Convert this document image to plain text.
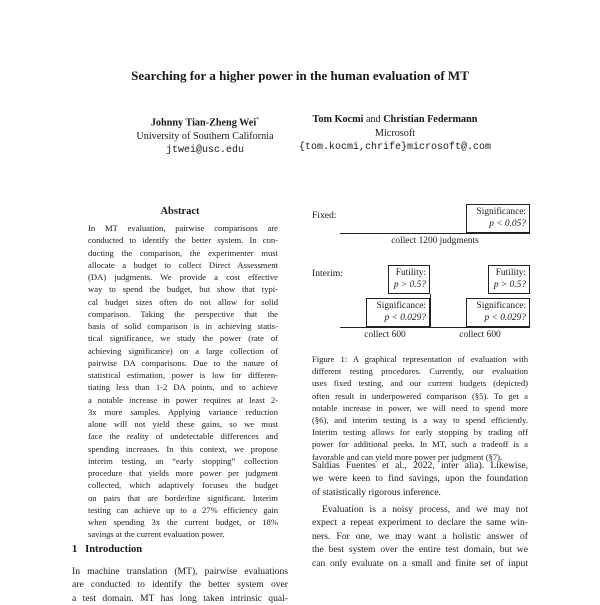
Searching for a higher power in the human evaluation of MT
Johnny Tian-Zheng Wei*
University of Southern California
jtwei@usc.edu
Tom Kocmi and Christian Federmann
Microsoft
{tom.kocmi,chrife}microsoft@.com
Abstract
In MT evaluation, pairwise comparisons are
conducted to identify the better system. In con-
ducting the comparison, the experimenter must
allocate a budget to collect Direct Assessment
(DA) judgments. We provide a cost effective
way to spend the budget, but show that typi-
cal budget sizes often do not allow for solid
comparison. Taking the perspective that the
basis of solid comparison is in achieving statis-
tical significance, we study the power (rate of
achieving significance) on a large collection of
pairwise DA comparisons. Due to the nature of
statistical estimation, power is low for differen-
tiating less than 1-2 DA points, and to achieve
a notable increase in power requires at least 2-
3x more samples. Applying variance reduction
alone will not yield these gains, so we must
face the reality of undetectable differences and
spending increases. In this context, we propose
interim testing, an “early stopping” collection
procedure that yields more power per judgment
collected, which adaptively focuses the budget
on pairs that are borderline significant. Interim
testing can achieve up to a 27% efficiency gain
when spending 3x the current budget, or 18%
savings at the current evaluation power.
1 Introduction
In machine translation (MT), pairwise evaluations
are conducted to identify the better system over
a test domain. MT has long taken intrinsic qual-
Fixed:	Significance:
p < 0.05?
collect 1200 judgments
Interim:	Futility:
p > 0.5?
Futility:
p > 0.5?
Significance:
p < 0.029?
Significance:
p < 0.029?
collect 600	collect 600
Figure 1: A graphical representation of evaluation with
different testing procedures. Currently, our evaluation
uses fixed testing, and our current budgets (depicted)
often result in underpowered comparison (§5). To get a
notable increase in power, we will need to spend more
(§6), and interim testing is a way to spend efficiently.
Interim testing allows for early stopping by trading off
power for additional peeks. In MT, such a tradeoff is a
favorable and can yield more power per judgment (§7).
Saldías Fuentes et al., 2022, inter alia). Likewise,
we were keen to find savings, upon the foundation
of statistically rigorous inference.
Evaluation is a noisy process, and we may not
expect a repeat experiment to declare the same win-
ners. For one, we may want a holistic answer of
the best system over the entire test domain, but we
can only evaluate on a small and finite set of input
